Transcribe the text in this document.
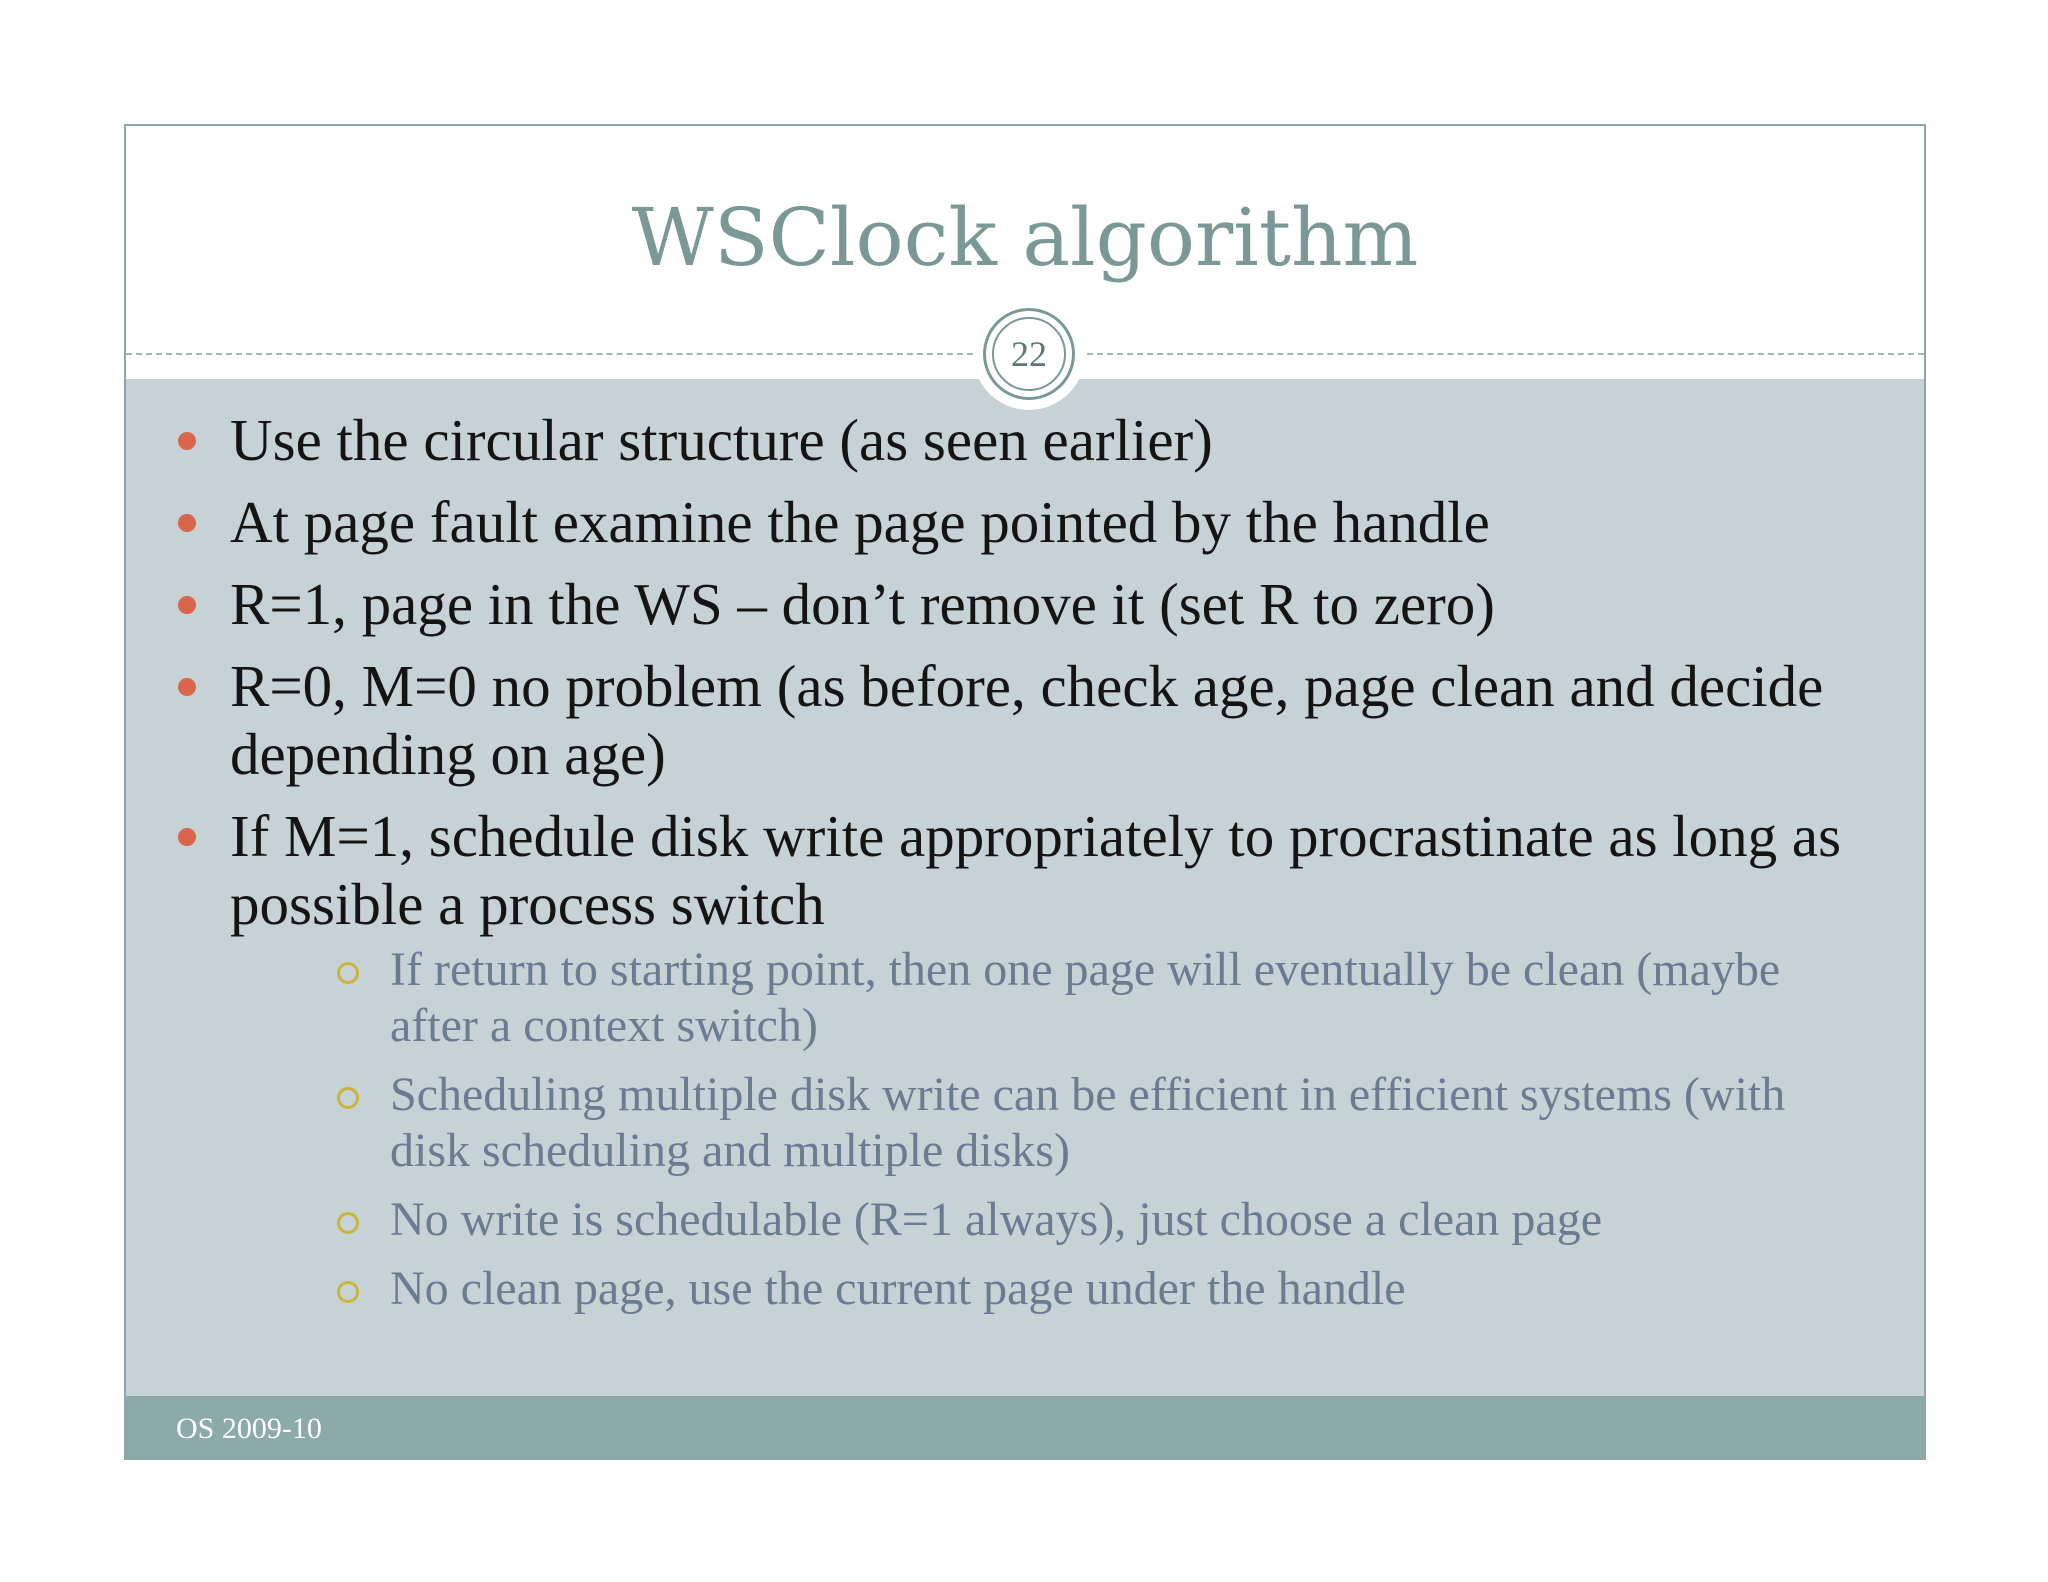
WSClock algorithm
22
Use the circular structure (as seen earlier)
At page fault examine the page pointed by the handle
R=1, page in the WS – don’t remove it (set R to zero)
R=0, M=0 no problem (as before, check age, page clean and decide depending on age)
If M=1, schedule disk write appropriately to procrastinate as long as possible a process switch
If return to starting point, then one page will eventually be clean (maybe after a context switch)
Scheduling multiple disk write can be efficient in efficient systems (with disk scheduling and multiple disks)
No write is schedulable (R=1 always), just choose a clean page
No clean page, use the current page under the handle
OS 2009-10
